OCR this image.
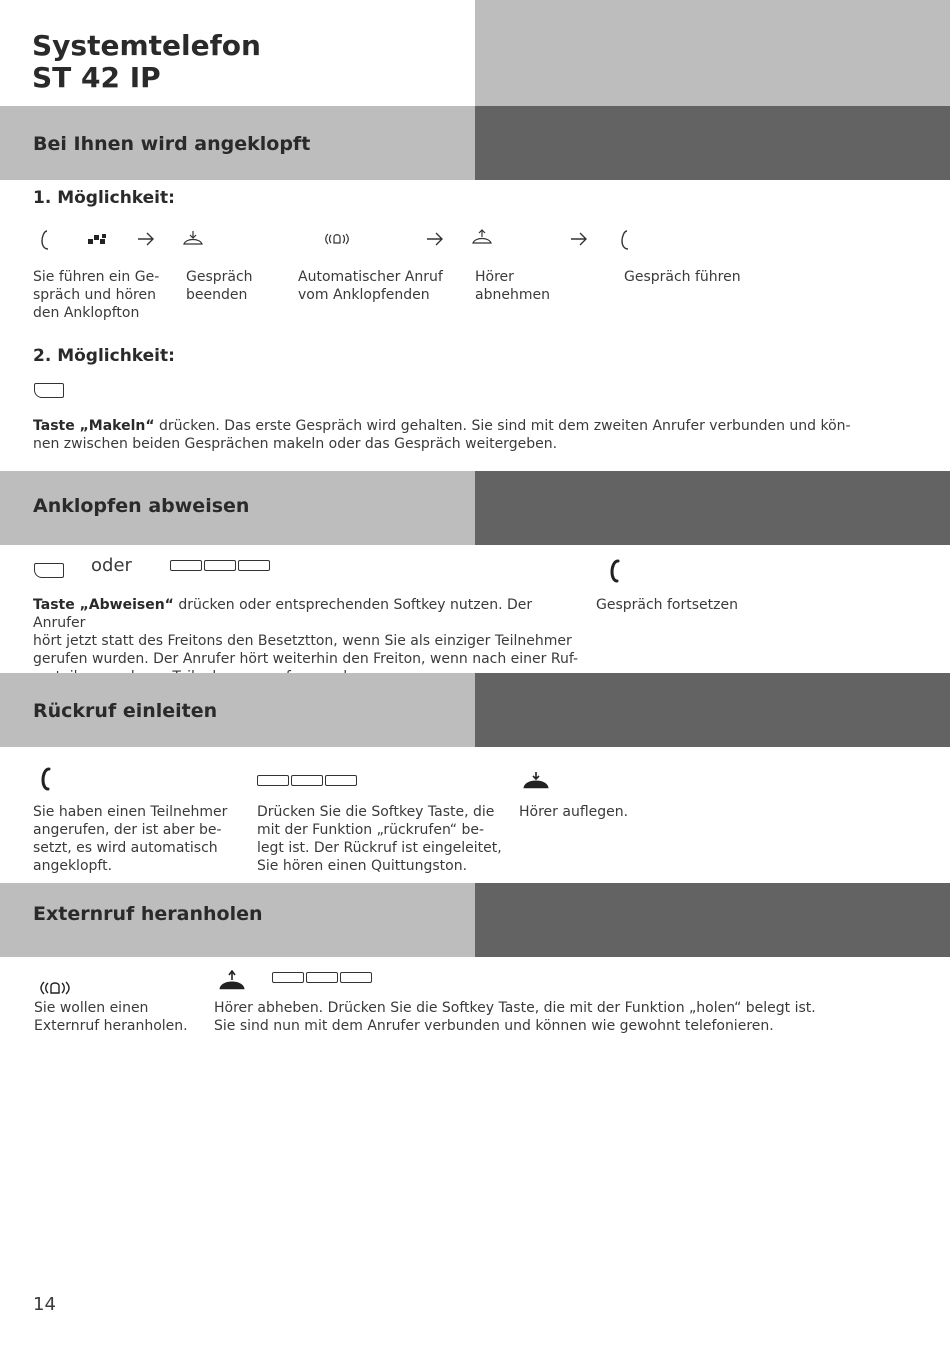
Systemtelefon
ST 42 IP
Bei Ihnen wird angeklopft
1. Möglichkeit:

Sie führen ein Ge-
spräch und hören
den Anklopfton

Gespräch
beenden

Automatischer Anruf
vom Anklopfenden

Hörer
abnehmen

Gespräch führen

2. Möglichkeit:

Taste „Makeln“ drücken. Das erste Gespräch wird gehalten. Sie sind mit dem zweiten Anrufer verbunden und kön-
nen zwischen beiden Gesprächen makeln oder das Gespräch weitergeben.

Anklopfen abweisen
oder

Taste „Abweisen“ drücken oder entsprechenden Softkey nutzen. Der Anrufer
hört jetzt statt des Freitons den Besetztton, wenn Sie als einziger Teilnehmer
gerufen wurden. Der Anrufer hört weiterhin den Freiton, wenn nach einer Ruf-

Gespräch fortsetzen

Rückruf einleiten

Sie haben einen Teilnehmer
angerufen, der ist aber be-
setzt, es wird automatisch
angeklopft.

Drücken Sie die Softkey Taste, die
mit der Funktion „rückrufen“ be-
legt ist. Der Rückruf ist eingeleitet,
Sie hören einen Quittungston.

Hörer auflegen.

Externruf heranholen

Sie wollen einen
Externruf heranholen.

Hörer abheben. Drücken Sie die Softkey Taste, die mit der Funktion „holen“ belegt ist.
Sie sind nun mit dem Anrufer verbunden und können wie gewohnt telefonieren.

14
